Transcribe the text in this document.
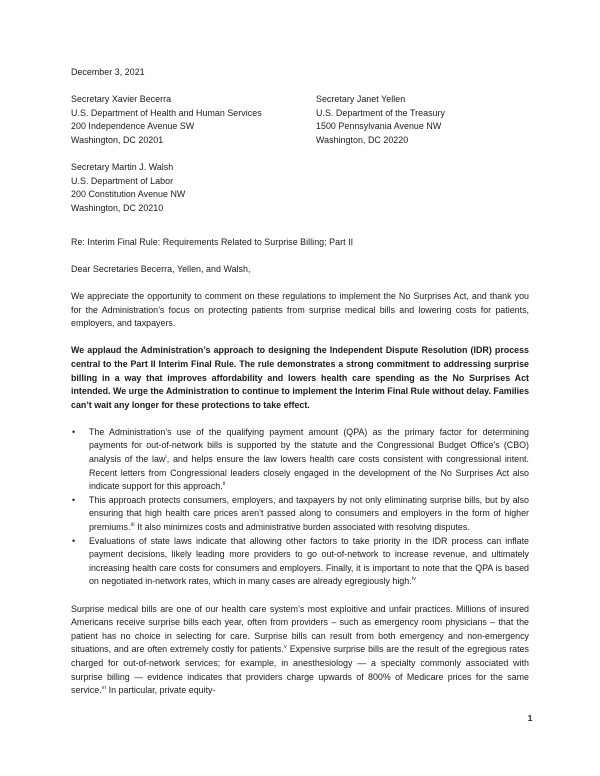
December 3, 2021
Secretary Xavier Becerra
U.S. Department of Health and Human Services
200 Independence Avenue SW
Washington, DC 20201
Secretary Janet Yellen
U.S. Department of the Treasury
1500 Pennsylvania Avenue NW
Washington, DC 20220
Secretary Martin J. Walsh
U.S. Department of Labor
200 Constitution Avenue NW
Washington, DC 20210
Re: Interim Final Rule: Requirements Related to Surprise Billing; Part II
Dear Secretaries Becerra, Yellen, and Walsh,

We appreciate the opportunity to comment on these regulations to implement the No Surprises Act, and thank you for the Administration’s focus on protecting patients from surprise medical bills and lowering costs for patients, employers, and taxpayers.

We applaud the Administration’s approach to designing the Independent Dispute Resolution (IDR) process central to the Part II Interim Final Rule. The rule demonstrates a strong commitment to addressing surprise billing in a way that improves affordability and lowers health care spending as the No Surprises Act intended. We urge the Administration to continue to implement the Interim Final Rule without delay. Families can’t wait any longer for these protections to take effect.

• The Administration’s use of the qualifying payment amount (QPA) as the primary factor for determining payments for out-of-network bills is supported by the statute and the Congressional Budget Office’s (CBO) analysis of the law$^i$, and helps ensure the law lowers health care costs consistent with congressional intent. Recent letters from Congressional leaders closely engaged in the development of the No Surprises Act also indicate support for this approach.$^{ii}$
• This approach protects consumers, employers, and taxpayers by not only eliminating surprise bills, but by also ensuring that high health care prices aren’t passed along to consumers and employers in the form of higher premiums.$^{iii}$ It also minimizes costs and administrative burden associated with resolving disputes.
• Evaluations of state laws indicate that allowing other factors to take priority in the IDR process can inflate payment decisions, likely leading more providers to go out-of-network to increase revenue, and ultimately increasing health care costs for consumers and employers. Finally, it is important to note that the QPA is based on negotiated in-network rates, which in many cases are already egregiously high.$^{iv}$

Surprise medical bills are one of our health care system’s most exploitive and unfair practices. Millions of insured Americans receive surprise bills each year, often from providers – such as emergency room physicians – that the patient has no choice in selecting for care. Surprise bills can result from both emergency and non-emergency situations, and are often extremely costly for patients.$^v$ Expensive surprise bills are the result of the egregious rates charged for out-of-network services; for example, in anesthesiology — a specialty commonly associated with surprise billing — evidence indicates that providers charge upwards of 800% of Medicare prices for the same service.$^{vi}$ In particular, private equity-

1
